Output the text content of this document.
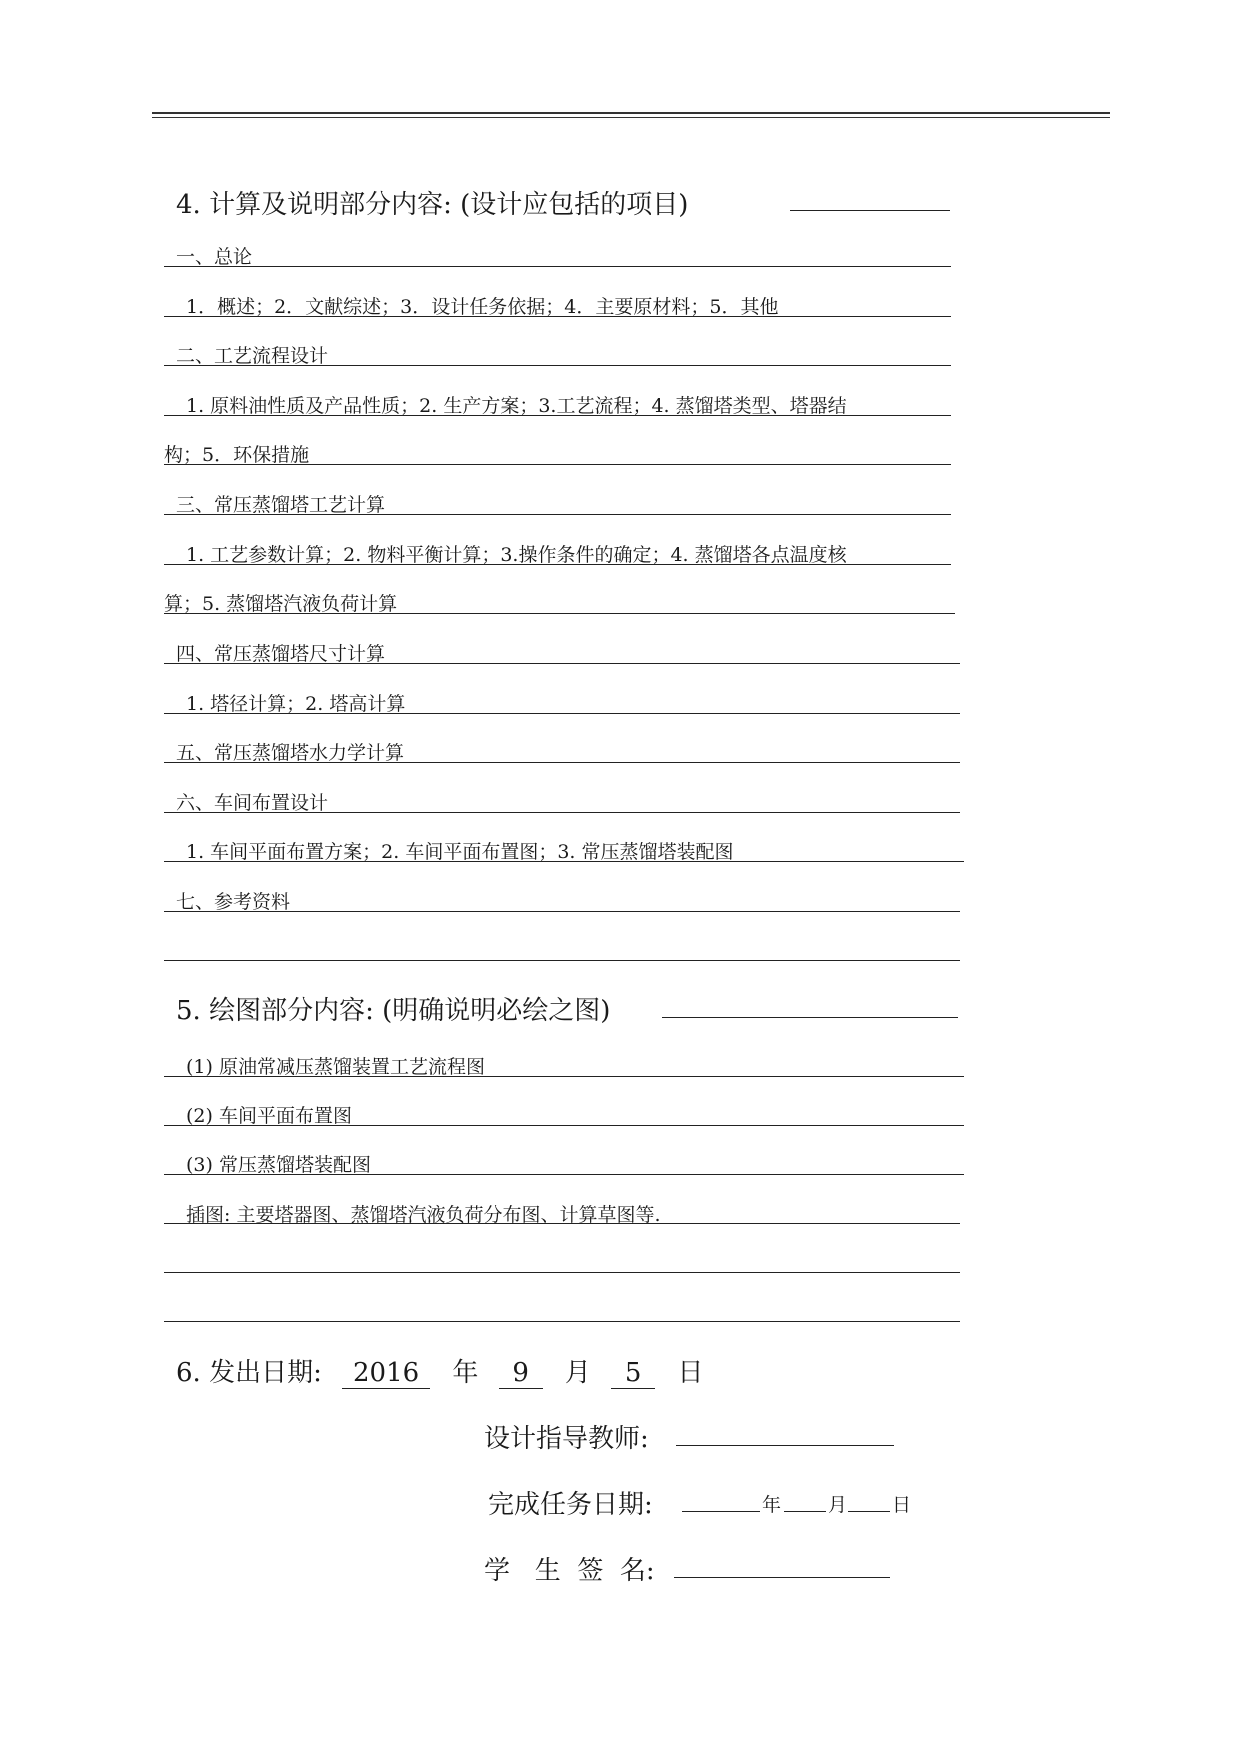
4. 计算及说明部分内容: (设计应包括的项目)
一、总论
1．概述；2．文献综述；3．设计任务依据；4．主要原材料；5．其他
二、工艺流程设计
1. 原料油性质及产品性质；2. 生产方案；3.工艺流程；4. 蒸馏塔类型、塔器结
构；5．环保措施
三、常压蒸馏塔工艺计算
1. 工艺参数计算；2. 物料平衡计算；3.操作条件的确定；4. 蒸馏塔各点温度核
算；5. 蒸馏塔汽液负荷计算
四、常压蒸馏塔尺寸计算
1. 塔径计算；2. 塔高计算
五、常压蒸馏塔水力学计算
六、车间布置设计
1. 车间平面布置方案；2. 车间平面布置图；3. 常压蒸馏塔装配图
七、参考资料
5. 绘图部分内容: (明确说明必绘之图)
(1) 原油常减压蒸馏装置工艺流程图
(2) 车间平面布置图
(3) 常压蒸馏塔装配图
插图: 主要塔器图、蒸馏塔汽液负荷分布图、计算草图等.
6. 发出日期: 2016 年 9 月 5 日
设计指导教师:
完成任务日期:	年 月 日
学   生  签  名:
